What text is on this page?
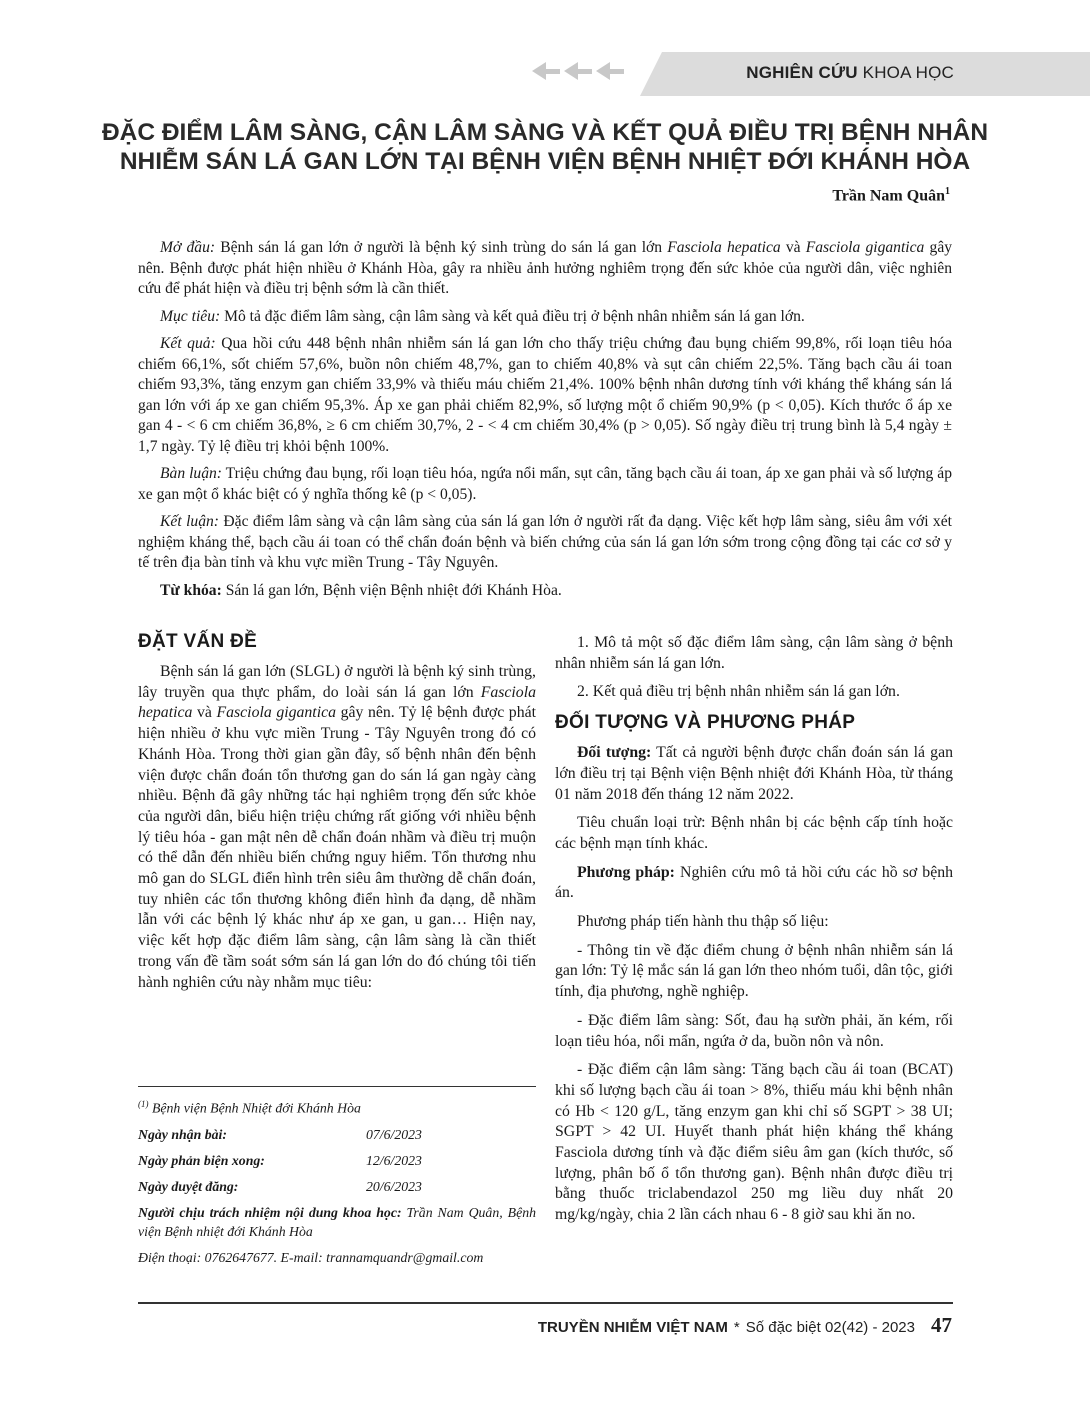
NGHIÊN CỨU KHOA HỌC
ĐẶC ĐIỂM LÂM SÀNG, CẬN LÂM SÀNG VÀ KẾT QUẢ ĐIỀU TRỊ BỆNH NHÂN
NHIỄM SÁN LÁ GAN LỚN TẠI BỆNH VIỆN BỆNH NHIỆT ĐỚI KHÁNH HÒA
Trần Nam Quân$^1$

Mở đầu: Bệnh sán lá gan lớn ở người là bệnh ký sinh trùng do sán lá gan lớn Fasciola hepatica và Fasciola gigantica gây nên. Bệnh được phát hiện nhiều ở Khánh Hòa, gây ra nhiều ảnh hưởng nghiêm trọng đến sức khỏe của người dân, việc nghiên cứu để phát hiện và điều trị bệnh sớm là cần thiết.

Mục tiêu: Mô tả đặc điểm lâm sàng, cận lâm sàng và kết quả điều trị ở bệnh nhân nhiễm sán lá gan lớn.

Kết quả: Qua hồi cứu 448 bệnh nhân nhiễm sán lá gan lớn cho thấy triệu chứng đau bụng chiếm 99,8%, rối loạn tiêu hóa chiếm 66,1%, sốt chiếm 57,6%, buồn nôn chiếm 48,7%, gan to chiếm 40,8% và sụt cân chiếm 22,5%. Tăng bạch cầu ái toan chiếm 93,3%, tăng enzym gan chiếm 33,9% và thiếu máu chiếm 21,4%. 100% bệnh nhân dương tính với kháng thể kháng sán lá gan lớn với áp xe gan chiếm 95,3%. Áp xe gan phải chiếm 82,9%, số lượng một ổ chiếm 90,9% (p < 0,05). Kích thước ổ áp xe gan 4 - < 6 cm chiếm 36,8%, ≥ 6 cm chiếm 30,7%, 2 - < 4 cm chiếm 30,4% (p > 0,05). Số ngày điều trị trung bình là 5,4 ngày ± 1,7 ngày. Tỷ lệ điều trị khỏi bệnh 100%.

Bàn luận: Triệu chứng đau bụng, rối loạn tiêu hóa, ngứa nổi mẩn, sụt cân, tăng bạch cầu ái toan, áp xe gan phải và số lượng áp xe gan một ổ khác biệt có ý nghĩa thống kê (p < 0,05).

Kết luận: Đặc điểm lâm sàng và cận lâm sàng của sán lá gan lớn ở người rất đa dạng. Việc kết hợp lâm sàng, siêu âm với xét nghiệm kháng thể, bạch cầu ái toan có thể chẩn đoán bệnh và biến chứng của sán lá gan lớn sớm trong cộng đồng tại các cơ sở y tế trên địa bàn tỉnh và khu vực miền Trung - Tây Nguyên.

Từ khóa: Sán lá gan lớn, Bệnh viện Bệnh nhiệt đới Khánh Hòa.

ĐẶT VẤN ĐỀ

Bệnh sán lá gan lớn (SLGL) ở người là bệnh ký sinh trùng, lây truyền qua thực phẩm, do loài sán lá gan lớn Fasciola hepatica và Fasciola gigantica gây nên. Tỷ lệ bệnh được phát hiện nhiều ở khu vực miền Trung - Tây Nguyên trong đó có Khánh Hòa. Trong thời gian gần đây, số bệnh nhân đến bệnh viện được chẩn đoán tổn thương gan do sán lá gan ngày càng nhiều. Bệnh đã gây những tác hại nghiêm trọng đến sức khỏe của người dân, biểu hiện triệu chứng rất giống với nhiều bệnh lý tiêu hóa - gan mật nên dễ chẩn đoán nhầm và điều trị muộn có thể dẫn đến nhiều biến chứng nguy hiểm. Tổn thương nhu mô gan do SLGL điển hình trên siêu âm thường dễ chẩn đoán, tuy nhiên các tổn thương không điển hình đa dạng, dễ nhầm lẫn với các bệnh lý khác như áp xe gan, u gan… Hiện nay, việc kết hợp đặc điểm lâm sàng, cận lâm sàng là cần thiết trong vấn đề tầm soát sớm sán lá gan lớn do đó chúng tôi tiến hành nghiên cứu này nhằm mục tiêu:

$^{(1)}$ Bệnh viện Bệnh Nhiệt đới Khánh Hòa
Ngày nhận bài:	07/6/2023
Ngày phản biện xong:	12/6/2023
Ngày duyệt đăng:	20/6/2023

Người chịu trách nhiệm nội dung khoa học: Trần Nam Quân, Bệnh viện Bệnh nhiệt đới Khánh Hòa

Điện thoại: 0762647677. E-mail: trannamquandr@gmail.com

1. Mô tả một số đặc điểm lâm sàng, cận lâm sàng ở bệnh nhân nhiễm sán lá gan lớn.

2. Kết quả điều trị bệnh nhân nhiễm sán lá gan lớn.

ĐỐI TƯỢNG VÀ PHƯƠNG PHÁP

Đối tượng: Tất cả người bệnh được chẩn đoán sán lá gan lớn điều trị tại Bệnh viện Bệnh nhiệt đới Khánh Hòa, từ tháng 01 năm 2018 đến tháng 12 năm 2022.

Tiêu chuẩn loại trừ: Bệnh nhân bị các bệnh cấp tính hoặc các bệnh mạn tính khác.

Phương pháp: Nghiên cứu mô tả hồi cứu các hồ sơ bệnh án.

Phương pháp tiến hành thu thập số liệu:

- Thông tin về đặc điểm chung ở bệnh nhân nhiễm sán lá gan lớn: Tỷ lệ mắc sán lá gan lớn theo nhóm tuổi, dân tộc, giới tính, địa phương, nghề nghiệp.

- Đặc điểm lâm sàng: Sốt, đau hạ sườn phải, ăn kém, rối loạn tiêu hóa, nổi mẩn, ngứa ở da, buồn nôn và nôn.

- Đặc điểm cận lâm sàng: Tăng bạch cầu ái toan (BCAT) khi số lượng bạch cầu ái toan > 8%, thiếu máu khi bệnh nhân có Hb < 120 g/L, tăng enzym gan khi chỉ số SGPT > 38 UI; SGPT > 42 UI. Huyết thanh phát hiện kháng thể kháng Fasciola dương tính và đặc điểm siêu âm gan (kích thước, số lượng, phân bố ổ tổn thương gan). Bệnh nhân được điều trị bằng thuốc triclabendazol 250 mg liều duy nhất 20 mg/kg/ngày, chia 2 lần cách nhau 6 - 8 giờ sau khi ăn no.

TRUYỀN NHIỄM VIỆT NAM * Số đặc biệt 02(42) - 2023 47
